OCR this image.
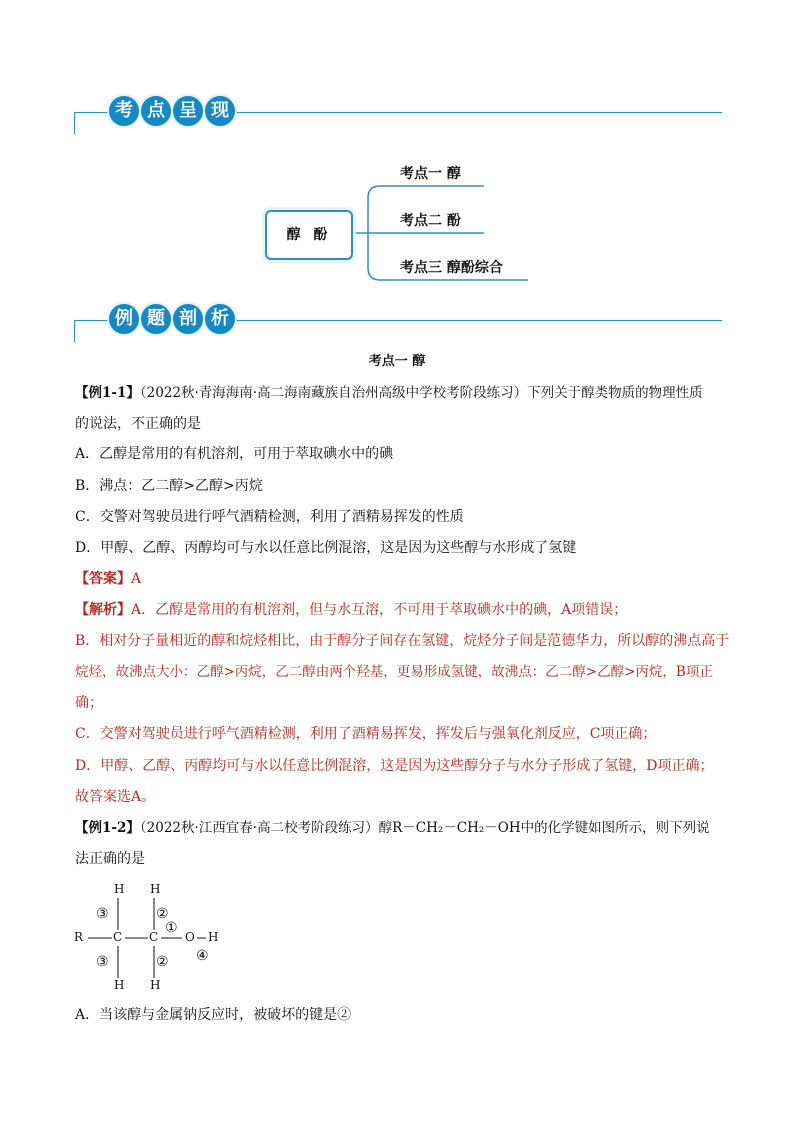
考 点 呈 现
醇 酚
考点一 醇
考点二 酚
考点三 醇酚综合
例 题 剖 析
考点一 醇
【例1-1】（2022秋·青海海南·高二海南藏族自治州高级中学校考阶段练习）下列关于醇类物质的物理性质
的说法，不正确的是
A．乙醇是常用的有机溶剂，可用于萃取碘水中的碘
B．沸点：乙二醇>乙醇>丙烷
C．交警对驾驶员进行呼气酒精检测，利用了酒精易挥发的性质
D．甲醇、乙醇、丙醇均可与水以任意比例混溶，这是因为这些醇与水形成了氢键
【答案】A
【解析】A．乙醇是常用的有机溶剂，但与水互溶，不可用于萃取碘水中的碘，A项错误；
B．相对分子量相近的醇和烷烃相比，由于醇分子间存在氢键，烷烃分子间是范德华力，所以醇的沸点高于
烷烃，故沸点大小：乙醇>丙烷，乙二醇由两个羟基，更易形成氢键，故沸点：乙二醇>乙醇>丙烷，B项正
确；
C．交警对驾驶员进行呼气酒精检测，利用了酒精易挥发，挥发后与强氧化剂反应，C项正确；
D．甲醇、乙醇、丙醇均可与水以任意比例混溶，这是因为这些醇分子与水分子形成了氢键，D项正确；
故答案选A。
【例1-2】（2022秋·江西宜春·高二校考阶段练习）醇R－CH₂－CH₂－OH中的化学键如图所示，则下列说
法正确的是
R C C O H
H H
H H
③
③
②
②
①
④
A．当该醇与金属钠反应时，被破坏的键是②
